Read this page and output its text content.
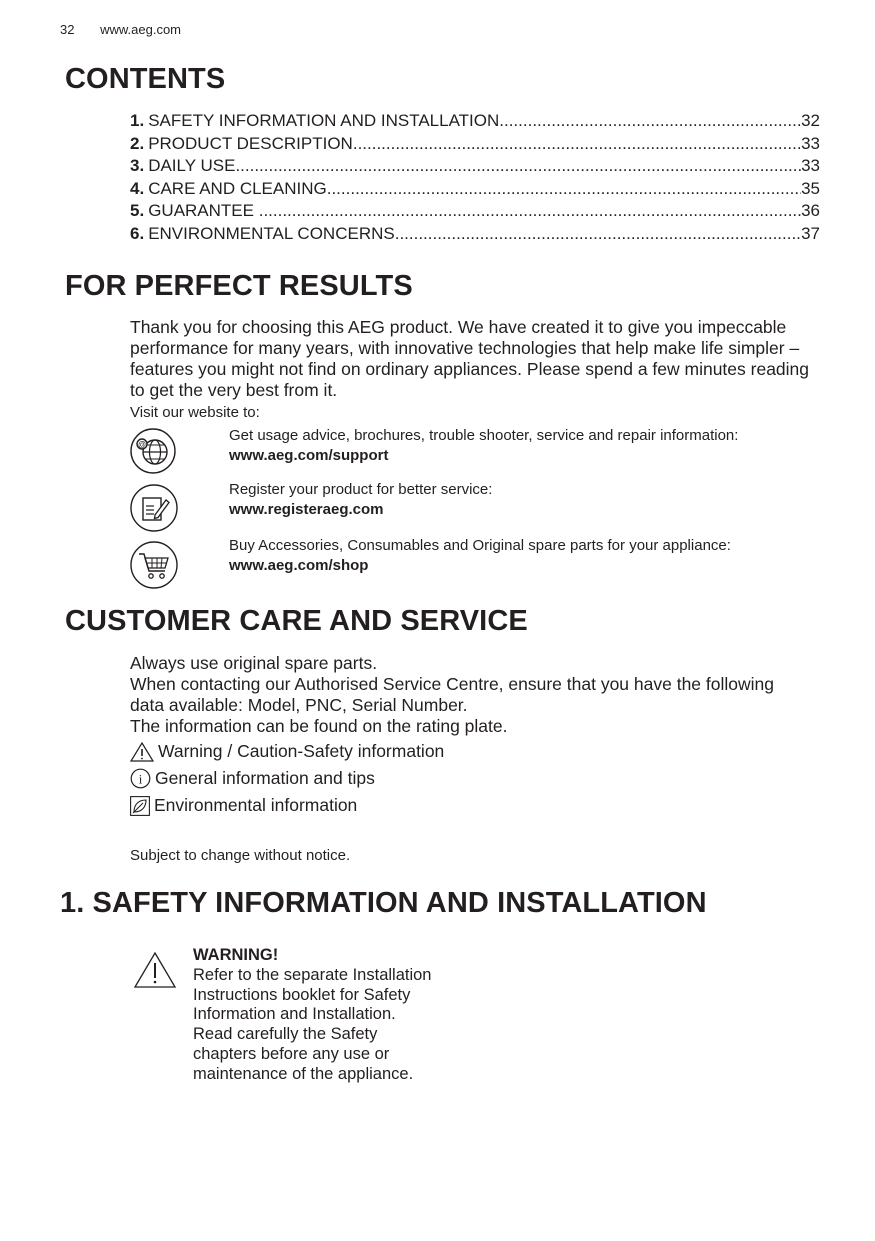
32 www.aeg.com
CONTENTS
1. SAFETY INFORMATION AND INSTALLATION .....	32
2. PRODUCT DESCRIPTION .....	33
3. DAILY USE .....	33
4. CARE AND CLEANING .....	35
5. GUARANTEE .....	36
6. ENVIRONMENTAL CONCERNS .....	37
FOR PERFECT RESULTS
Thank you for choosing this AEG product. We have created it to give you impeccable performance for many years, with innovative technologies that help make life simpler – features you might not find on ordinary appliances. Please spend a few minutes reading to get the very best from it.
Visit our website to:
@
Get usage advice, brochures, trouble shooter, service and repair information:
www.aeg.com/support
Register your product for better service:
www.registeraeg.com
Buy Accessories, Consumables and Original spare parts for your appliance:
www.aeg.com/shop
CUSTOMER CARE AND SERVICE
Always use original spare parts.
When contacting our Authorised Service Centre, ensure that you have the following data available: Model, PNC, Serial Number.
The information can be found on the rating plate.
Warning / Caution-Safety information
i General information and tips
Environmental information
Subject to change without notice.
1. SAFETY INFORMATION AND INSTALLATION
WARNING!
Refer to the separate Installation Instructions booklet for Safety Information and Installation. Read carefully the Safety chapters before any use or maintenance of the appliance.
